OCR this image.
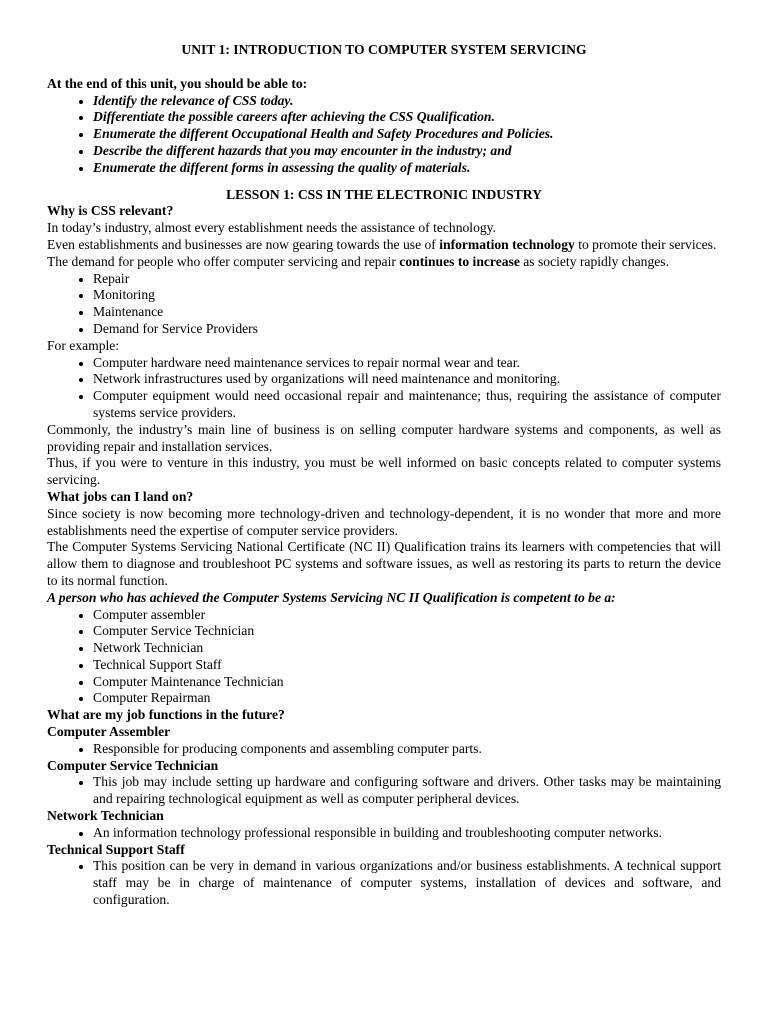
UNIT 1: INTRODUCTION TO COMPUTER SYSTEM SERVICING

At the end of this unit, you should be able to:

• Identify the relevance of CSS today.
• Differentiate the possible careers after achieving the CSS Qualification.
• Enumerate the different Occupational Health and Safety Procedures and Policies.
• Describe the different hazards that you may encounter in the industry; and
• Enumerate the different forms in assessing the quality of materials.

LESSON 1: CSS IN THE ELECTRONIC INDUSTRY

Why is CSS relevant?

In today’s industry, almost every establishment needs the assistance of technology.

Even establishments and businesses are now gearing towards the use of information technology to promote their services.

The demand for people who offer computer servicing and repair continues to increase as society rapidly changes.

• Repair
• Monitoring
• Maintenance
• Demand for Service Providers

For example:

• Computer hardware need maintenance services to repair normal wear and tear.
• Network infrastructures used by organizations will need maintenance and monitoring.
• Computer equipment would need occasional repair and maintenance; thus, requiring the assistance of computer systems service providers.

Commonly, the industry’s main line of business is on selling computer hardware systems and components, as well as providing repair and installation services.

Thus, if you were to venture in this industry, you must be well informed on basic concepts related to computer systems servicing.

What jobs can I land on?

Since society is now becoming more technology-driven and technology-dependent, it is no wonder that more and more establishments need the expertise of computer service providers.

The Computer Systems Servicing National Certificate (NC II) Qualification trains its learners with competencies that will allow them to diagnose and troubleshoot PC systems and software issues, as well as restoring its parts to return the device to its normal function.

A person who has achieved the Computer Systems Servicing NC II Qualification is competent to be a:

• Computer assembler
• Computer Service Technician
• Network Technician
• Technical Support Staff
• Computer Maintenance Technician
• Computer Repairman

What are my job functions in the future?

Computer Assembler

• Responsible for producing components and assembling computer parts.

Computer Service Technician

• This job may include setting up hardware and configuring software and drivers. Other tasks may be maintaining and repairing technological equipment as well as computer peripheral devices.

Network Technician

• An information technology professional responsible in building and troubleshooting computer networks.

Technical Support Staff

• This position can be very in demand in various organizations and/or business establishments. A technical support staff may be in charge of maintenance of computer systems, installation of devices and software, and configuration.
